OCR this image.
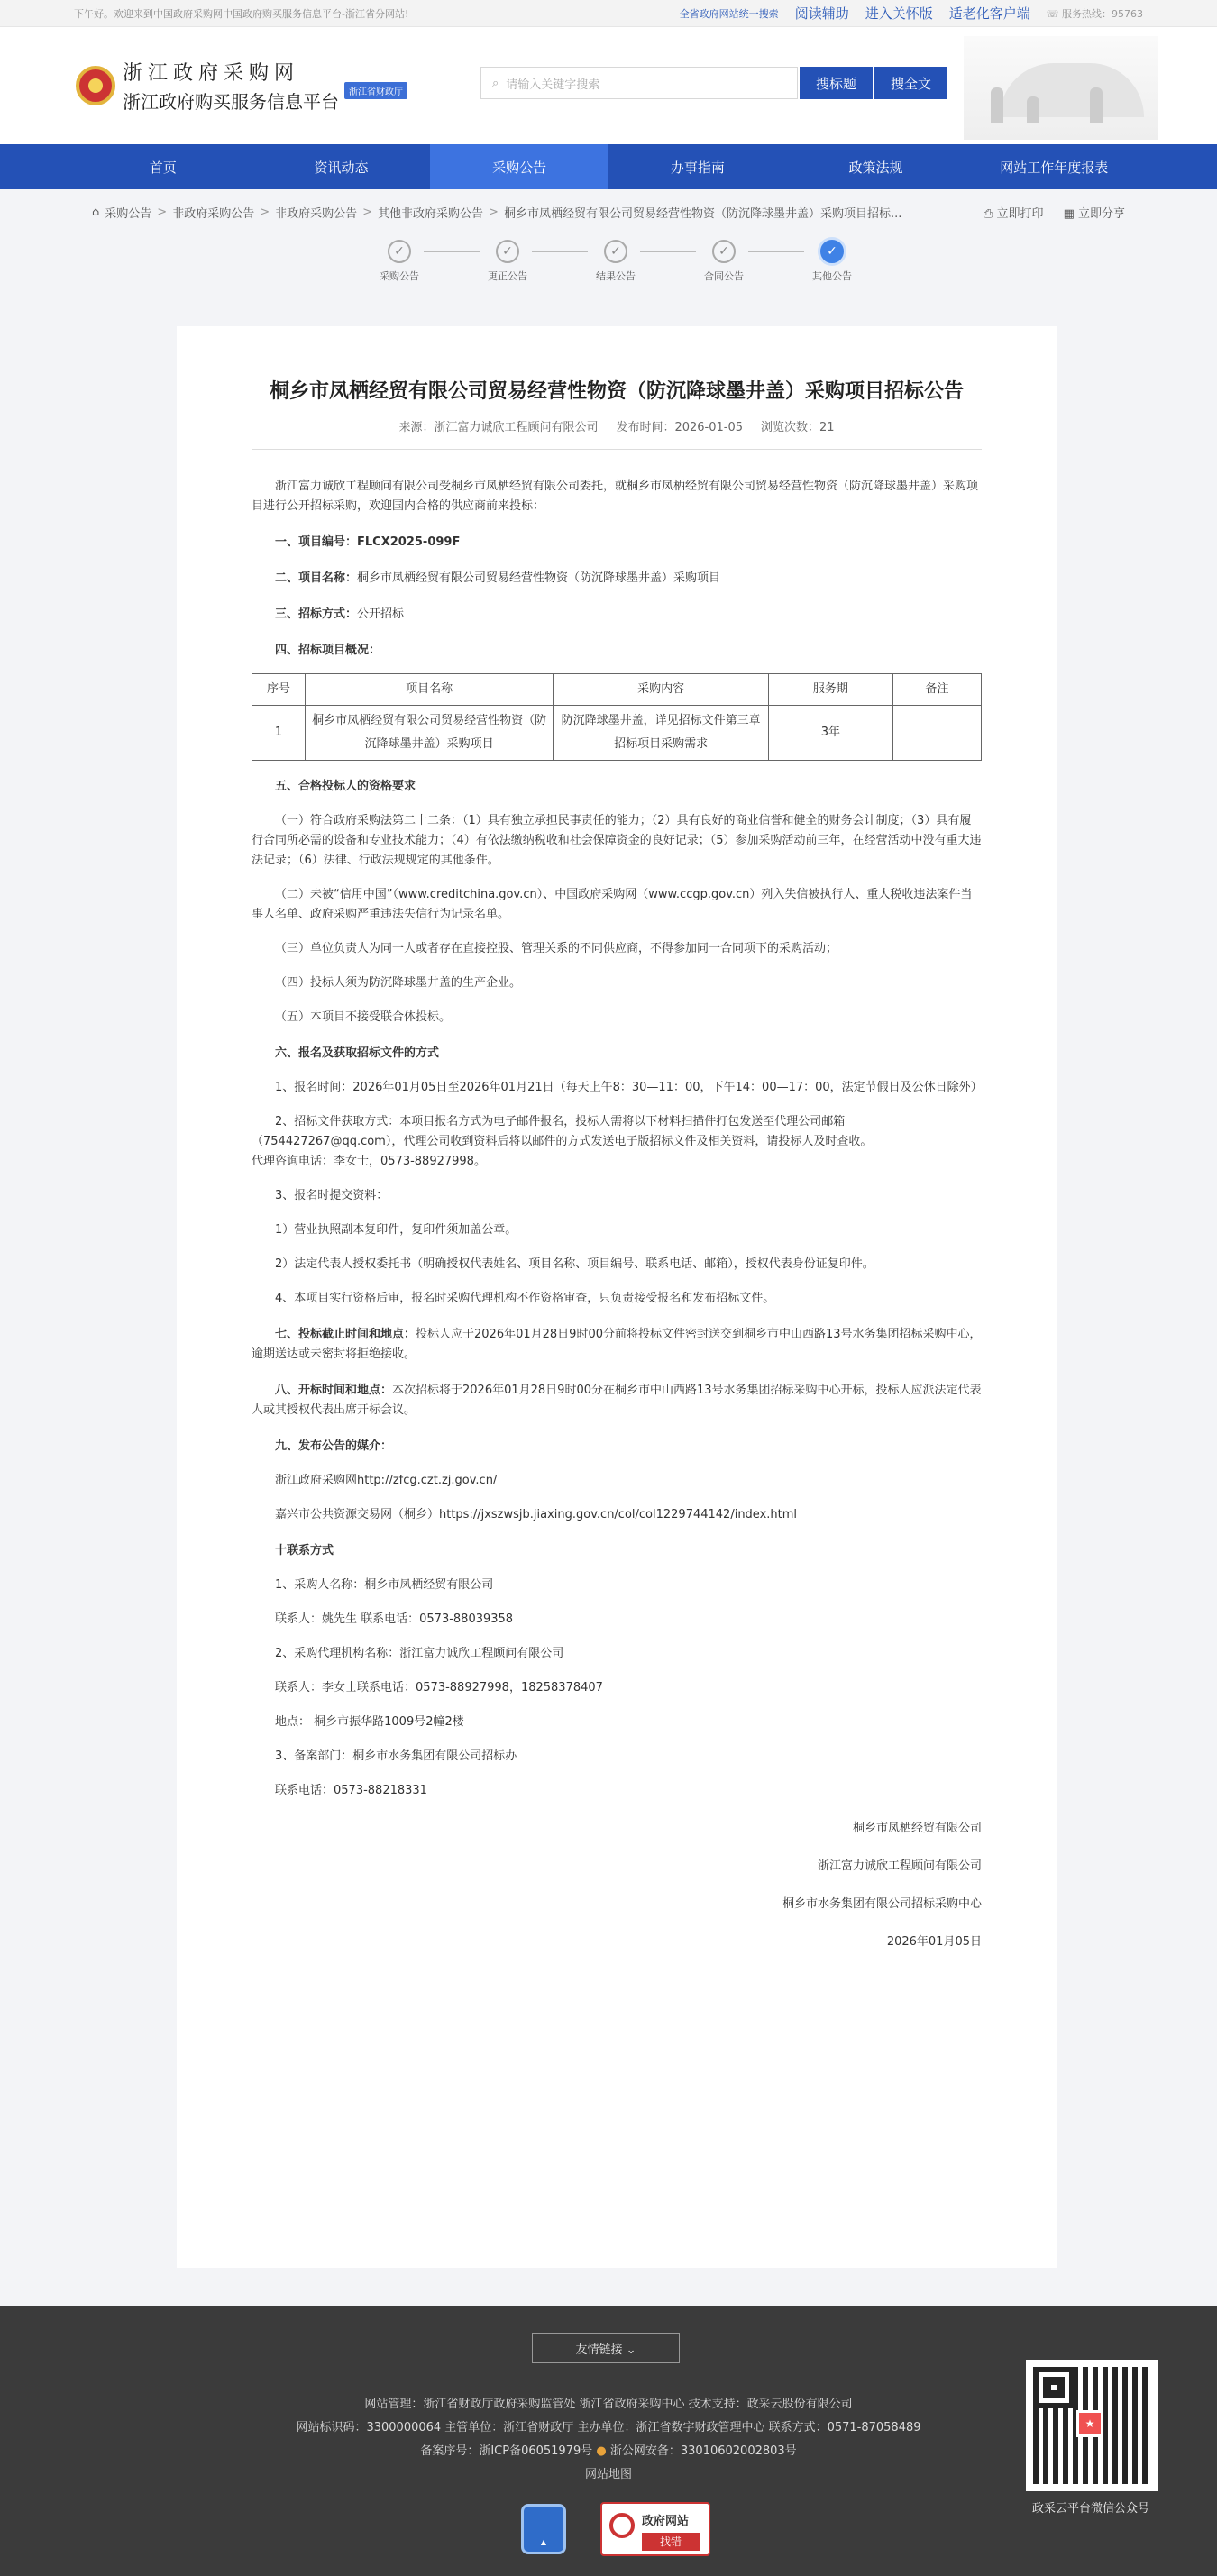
下午好。欢迎来到中国政府采购网中国政府购买服务信息平台-浙江省分网站!	全省政府网站统一搜索 阅读辅助 进入关怀版 适老化客户端 ☏ 服务热线：95763
浙江政府采购网
浙江政府购买服务信息平台	浙江省财政厅
⌕ 请输入关键字搜索	搜标题	搜全文
首页	资讯动态	采购公告	办事指南	政策法规	网站工作年度报表
⌂ 采购公告 > 非政府采购公告 > 非政府采购公告 > 其他非政府采购公告 > 桐乡市凤栖经贸有限公司贸易经营性物资（防沉降球墨井盖）采购项目招标...	⎙ 立即打印 ▦ 立即分享
✓
采购公告
✓
更正公告
✓
结果公告
✓
合同公告
✓
其他公告
桐乡市凤栖经贸有限公司贸易经营性物资（防沉降球墨井盖）采购项目招标公告
来源：浙江富力诚欣工程顾问有限公司 发布时间：2026-01-05 浏览次数：21

浙江富力诚欣工程顾问有限公司受桐乡市凤栖经贸有限公司委托，就桐乡市凤栖经贸有限公司贸易经营性物资（防沉降球墨井盖）采购项目进行公开招标采购，欢迎国内合格的供应商前来投标：

一、项目编号：FLCX2025-099F

二、项目名称：桐乡市凤栖经贸有限公司贸易经营性物资（防沉降球墨井盖）采购项目

三、招标方式：公开招标

四、招标项目概况：

序号	项目名称	采购内容	服务期	备注
1	桐乡市凤栖经贸有限公司贸易经营性物资（防沉降球墨井盖）采购项目	防沉降球墨井盖，详见招标文件第三章招标项目采购需求	3年	

五、合格投标人的资格要求

（一）符合政府采购法第二十二条：（1）具有独立承担民事责任的能力；（2）具有良好的商业信誉和健全的财务会计制度；（3）具有履行合同所必需的设备和专业技术能力；（4）有依法缴纳税收和社会保障资金的良好记录；（5）参加采购活动前三年，在经营活动中没有重大违法记录；（6）法律、行政法规规定的其他条件。

（二）未被“信用中国”（www.creditchina.gov.cn）、中国政府采购网（www.ccgp.gov.cn）列入失信被执行人、重大税收违法案件当事人名单、政府采购严重违法失信行为记录名单。

（三）单位负责人为同一人或者存在直接控股、管理关系的不同供应商，不得参加同一合同项下的采购活动；

（四）投标人须为防沉降球墨井盖的生产企业。

（五）本项目不接受联合体投标。

六、报名及获取招标文件的方式

1、报名时间：2026年01月05日至2026年01月21日（每天上午8：30—11：00，下午14：00—17：00，法定节假日及公休日除外）

2、招标文件获取方式：本项目报名方式为电子邮件报名，投标人需将以下材料扫描件打包发送至代理公司邮箱（754427267@qq.com），代理公司收到资料后将以邮件的方式发送电子版招标文件及相关资料，请投标人及时查收。

代理咨询电话：李女士，0573-88927998。

3、报名时提交资料：

1）营业执照副本复印件，复印件须加盖公章。

2）法定代表人授权委托书（明确授权代表姓名、项目名称、项目编号、联系电话、邮箱），授权代表身份证复印件。

4、本项目实行资格后审，报名时采购代理机构不作资格审查，只负责接受报名和发布招标文件。

七、投标截止时间和地点：投标人应于2026年01月28日9时00分前将投标文件密封送交到桐乡市中山西路13号水务集团招标采购中心，逾期送达或未密封将拒绝接收。

八、开标时间和地点：本次招标将于2026年01月28日9时00分在桐乡市中山西路13号水务集团招标采购中心开标，投标人应派法定代表人或其授权代表出席开标会议。

九、发布公告的媒介：

浙江政府采购网http://zfcg.czt.zj.gov.cn/

嘉兴市公共资源交易网（桐乡）https://jxszwsjb.jiaxing.gov.cn/col/col1229744142/index.html

十联系方式

1、采购人名称：桐乡市凤栖经贸有限公司

联系人：姚先生 联系电话：0573-88039358

2、采购代理机构名称：浙江富力诚欣工程顾问有限公司

联系人：李女士联系电话：0573-88927998，18258378407

地点： 桐乡市振华路1009号2幢2楼

3、备案部门：桐乡市水务集团有限公司招标办

联系电话：0573-88218331

桐乡市凤栖经贸有限公司

浙江富力诚欣工程顾问有限公司

桐乡市水务集团有限公司招标采购中心

2026年01月05日

友情链接 ⌄
网站管理：浙江省财政厅政府采购监管处 浙江省政府采购中心 技术支持：政采云股份有限公司
网站标识码：3300000064 主管单位：浙江省财政厅 主办单位：浙江省数字财政管理中心 联系方式：0571-87058489
备案序号：浙ICP备06051979号 ● 浙公网安备：33010602002803号
网站地图
▲
政府网站
找错
★
政采云平台微信公众号
